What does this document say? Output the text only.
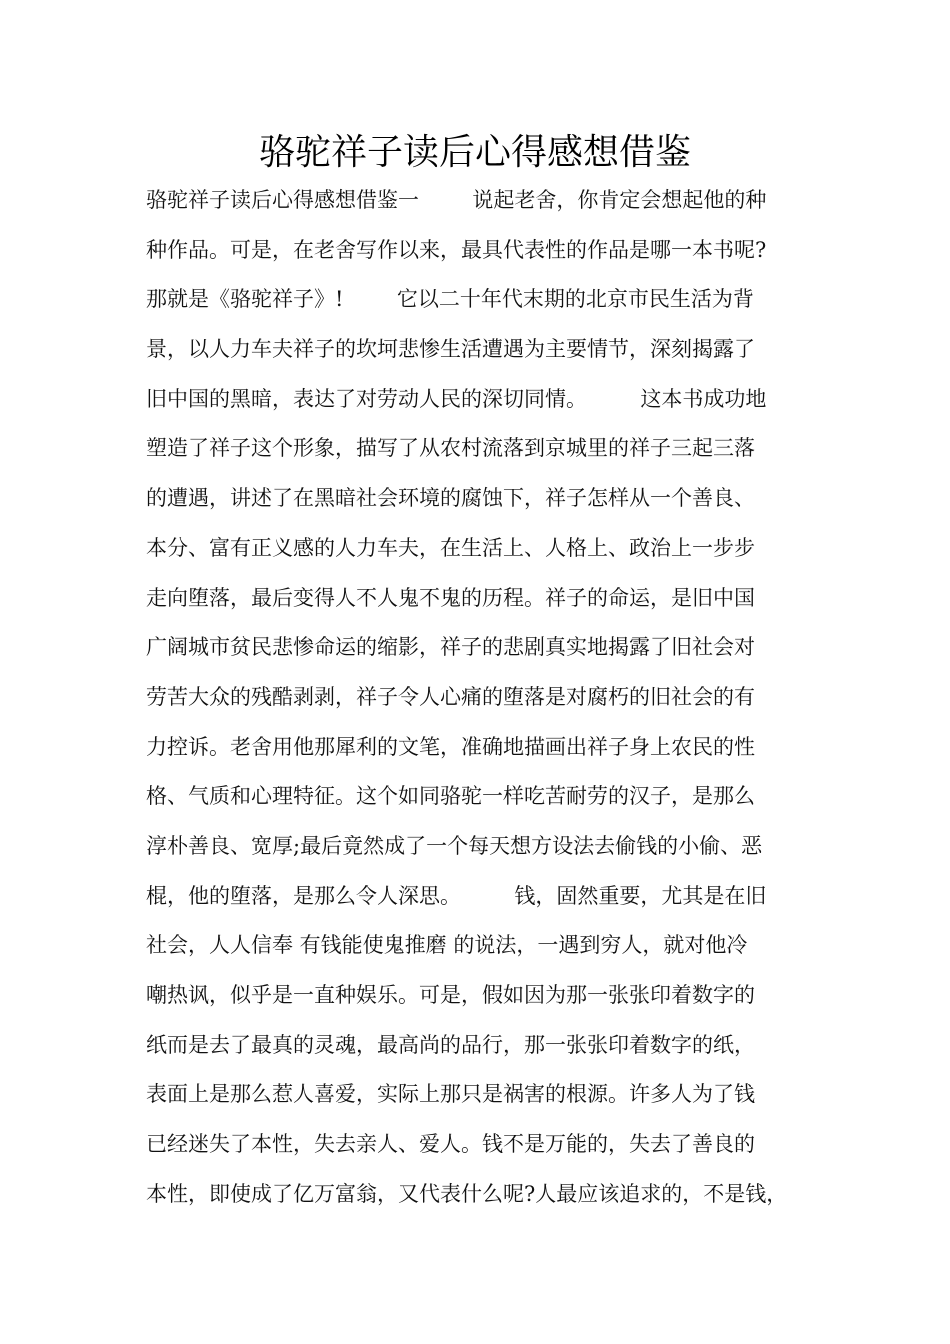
骆驼祥子读后心得感想借鉴
骆驼祥子读后心得感想借鉴一        说起老舍，你肯定会想起他的种
种作品。可是，在老舍写作以来，最具代表性的作品是哪一本书呢?
那就是《骆驼祥子》!        它以二十年代末期的北京市民生活为背
景，以人力车夫祥子的坎坷悲惨生活遭遇为主要情节，深刻揭露了
旧中国的黑暗，表达了对劳动人民的深切同情。        这本书成功地
塑造了祥子这个形象，描写了从农村流落到京城里的祥子三起三落
的遭遇，讲述了在黑暗社会环境的腐蚀下，祥子怎样从一个善良、
本分、富有正义感的人力车夫，在生活上、人格上、政治上一步步
走向堕落，最后变得人不人鬼不鬼的历程。祥子的命运，是旧中国
广阔城市贫民悲惨命运的缩影，祥子的悲剧真实地揭露了旧社会对
劳苦大众的残酷剥剥，祥子令人心痛的堕落是对腐朽的旧社会的有
力控诉。老舍用他那犀利的文笔，准确地描画出祥子身上农民的性
格、气质和心理特征。这个如同骆驼一样吃苦耐劳的汉子，是那么
淳朴善良、宽厚;最后竟然成了一个每天想方设法去偷钱的小偷、恶
棍，他的堕落，是那么令人深思。        钱，固然重要，尤其是在旧
社会，人人信奉 有钱能使鬼推磨 的说法，一遇到穷人，就对他冷
嘲热讽，似乎是一直种娱乐。可是，假如因为那一张张印着数字的
纸而是去了最真的灵魂，最高尚的品行，那一张张印着数字的纸，
表面上是那么惹人喜爱，实际上那只是祸害的根源。许多人为了钱
已经迷失了本性，失去亲人、爱人。钱不是万能的，失去了善良的
本性，即使成了亿万富翁，又代表什么呢?人最应该追求的，不是钱，
